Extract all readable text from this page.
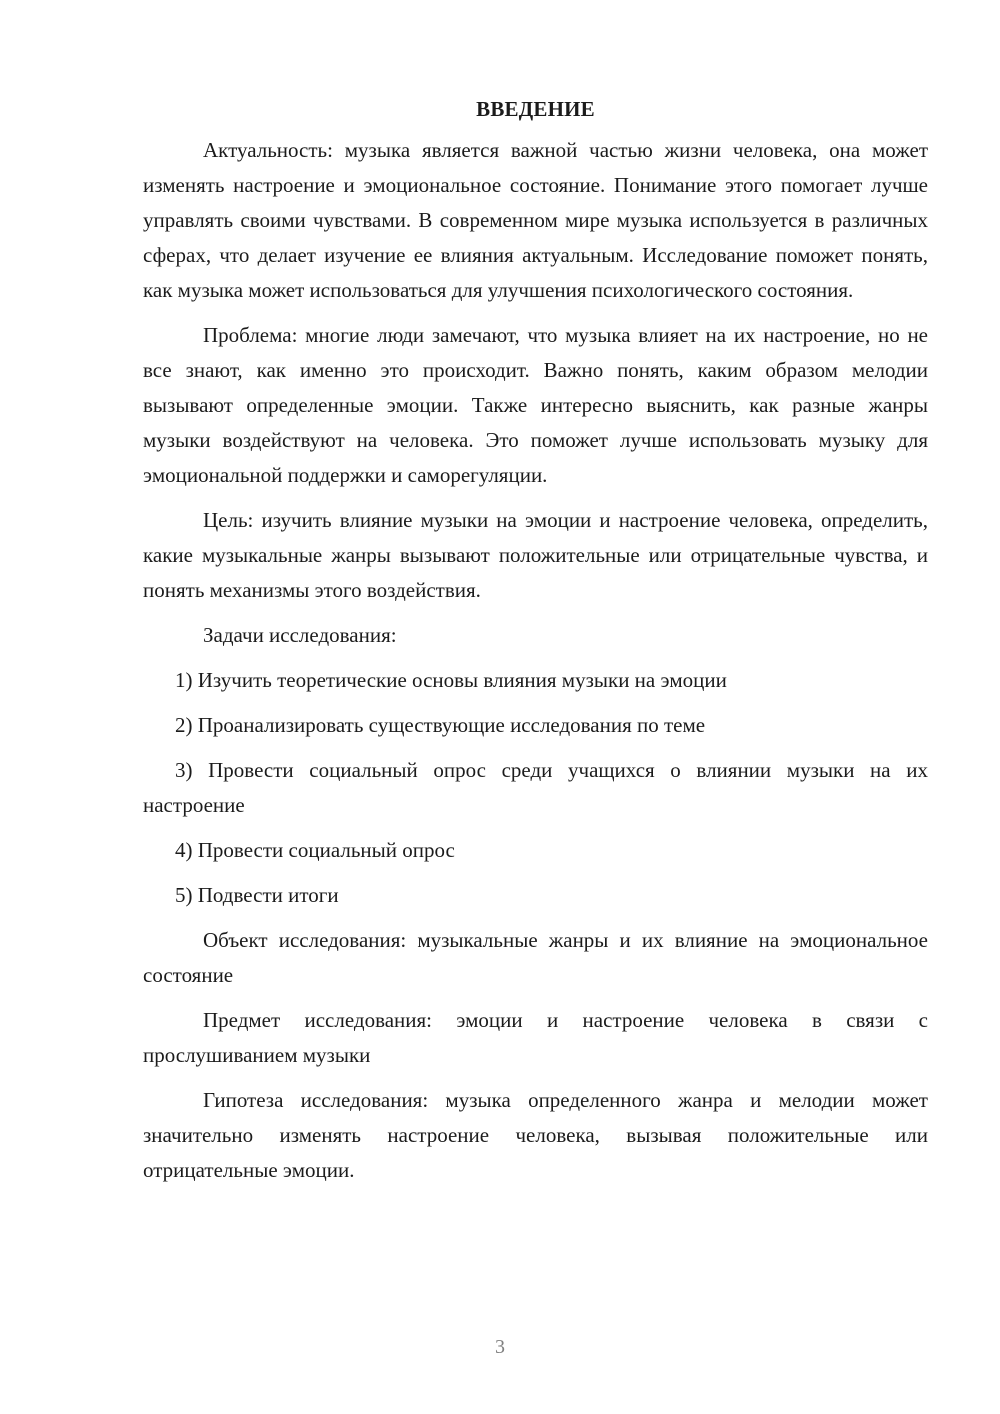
ВВЕДЕНИЕ

Актуальность: музыка является важной частью жизни человека, она может изменять настроение и эмоциональное состояние. Понимание этого помогает лучше управлять своими чувствами. В современном мире музыка используется в различных сферах, что делает изучение ее влияния актуальным. Исследование поможет понять, как музыка может использоваться для улучшения психологического состояния.

Проблема: многие люди замечают, что музыка влияет на их настроение, но не все знают, как именно это происходит. Важно понять, каким образом мелодии вызывают определенные эмоции. Также интересно выяснить, как разные жанры музыки воздействуют на человека. Это поможет лучше использовать музыку для эмоциональной поддержки и саморегуляции.

Цель: изучить влияние музыки на эмоции и настроение человека, определить, какие музыкальные жанры вызывают положительные или отрицательные чувства, и понять механизмы этого воздействия.

Задачи исследования:

1) Изучить теоретические основы влияния музыки на эмоции

2) Проанализировать существующие исследования по теме

3) Провести социальный опрос среди учащихся о влиянии музыки на их настроение

4) Провести социальный опрос

5) Подвести итоги

Объект исследования: музыкальные жанры и их влияние на эмоциональное состояние

Предмет исследования: эмоции и настроение человека в связи с прослушиванием музыки

Гипотеза исследования: музыка определенного жанра и мелодии может значительно изменять настроение человека, вызывая положительные или отрицательные эмоции.

3
